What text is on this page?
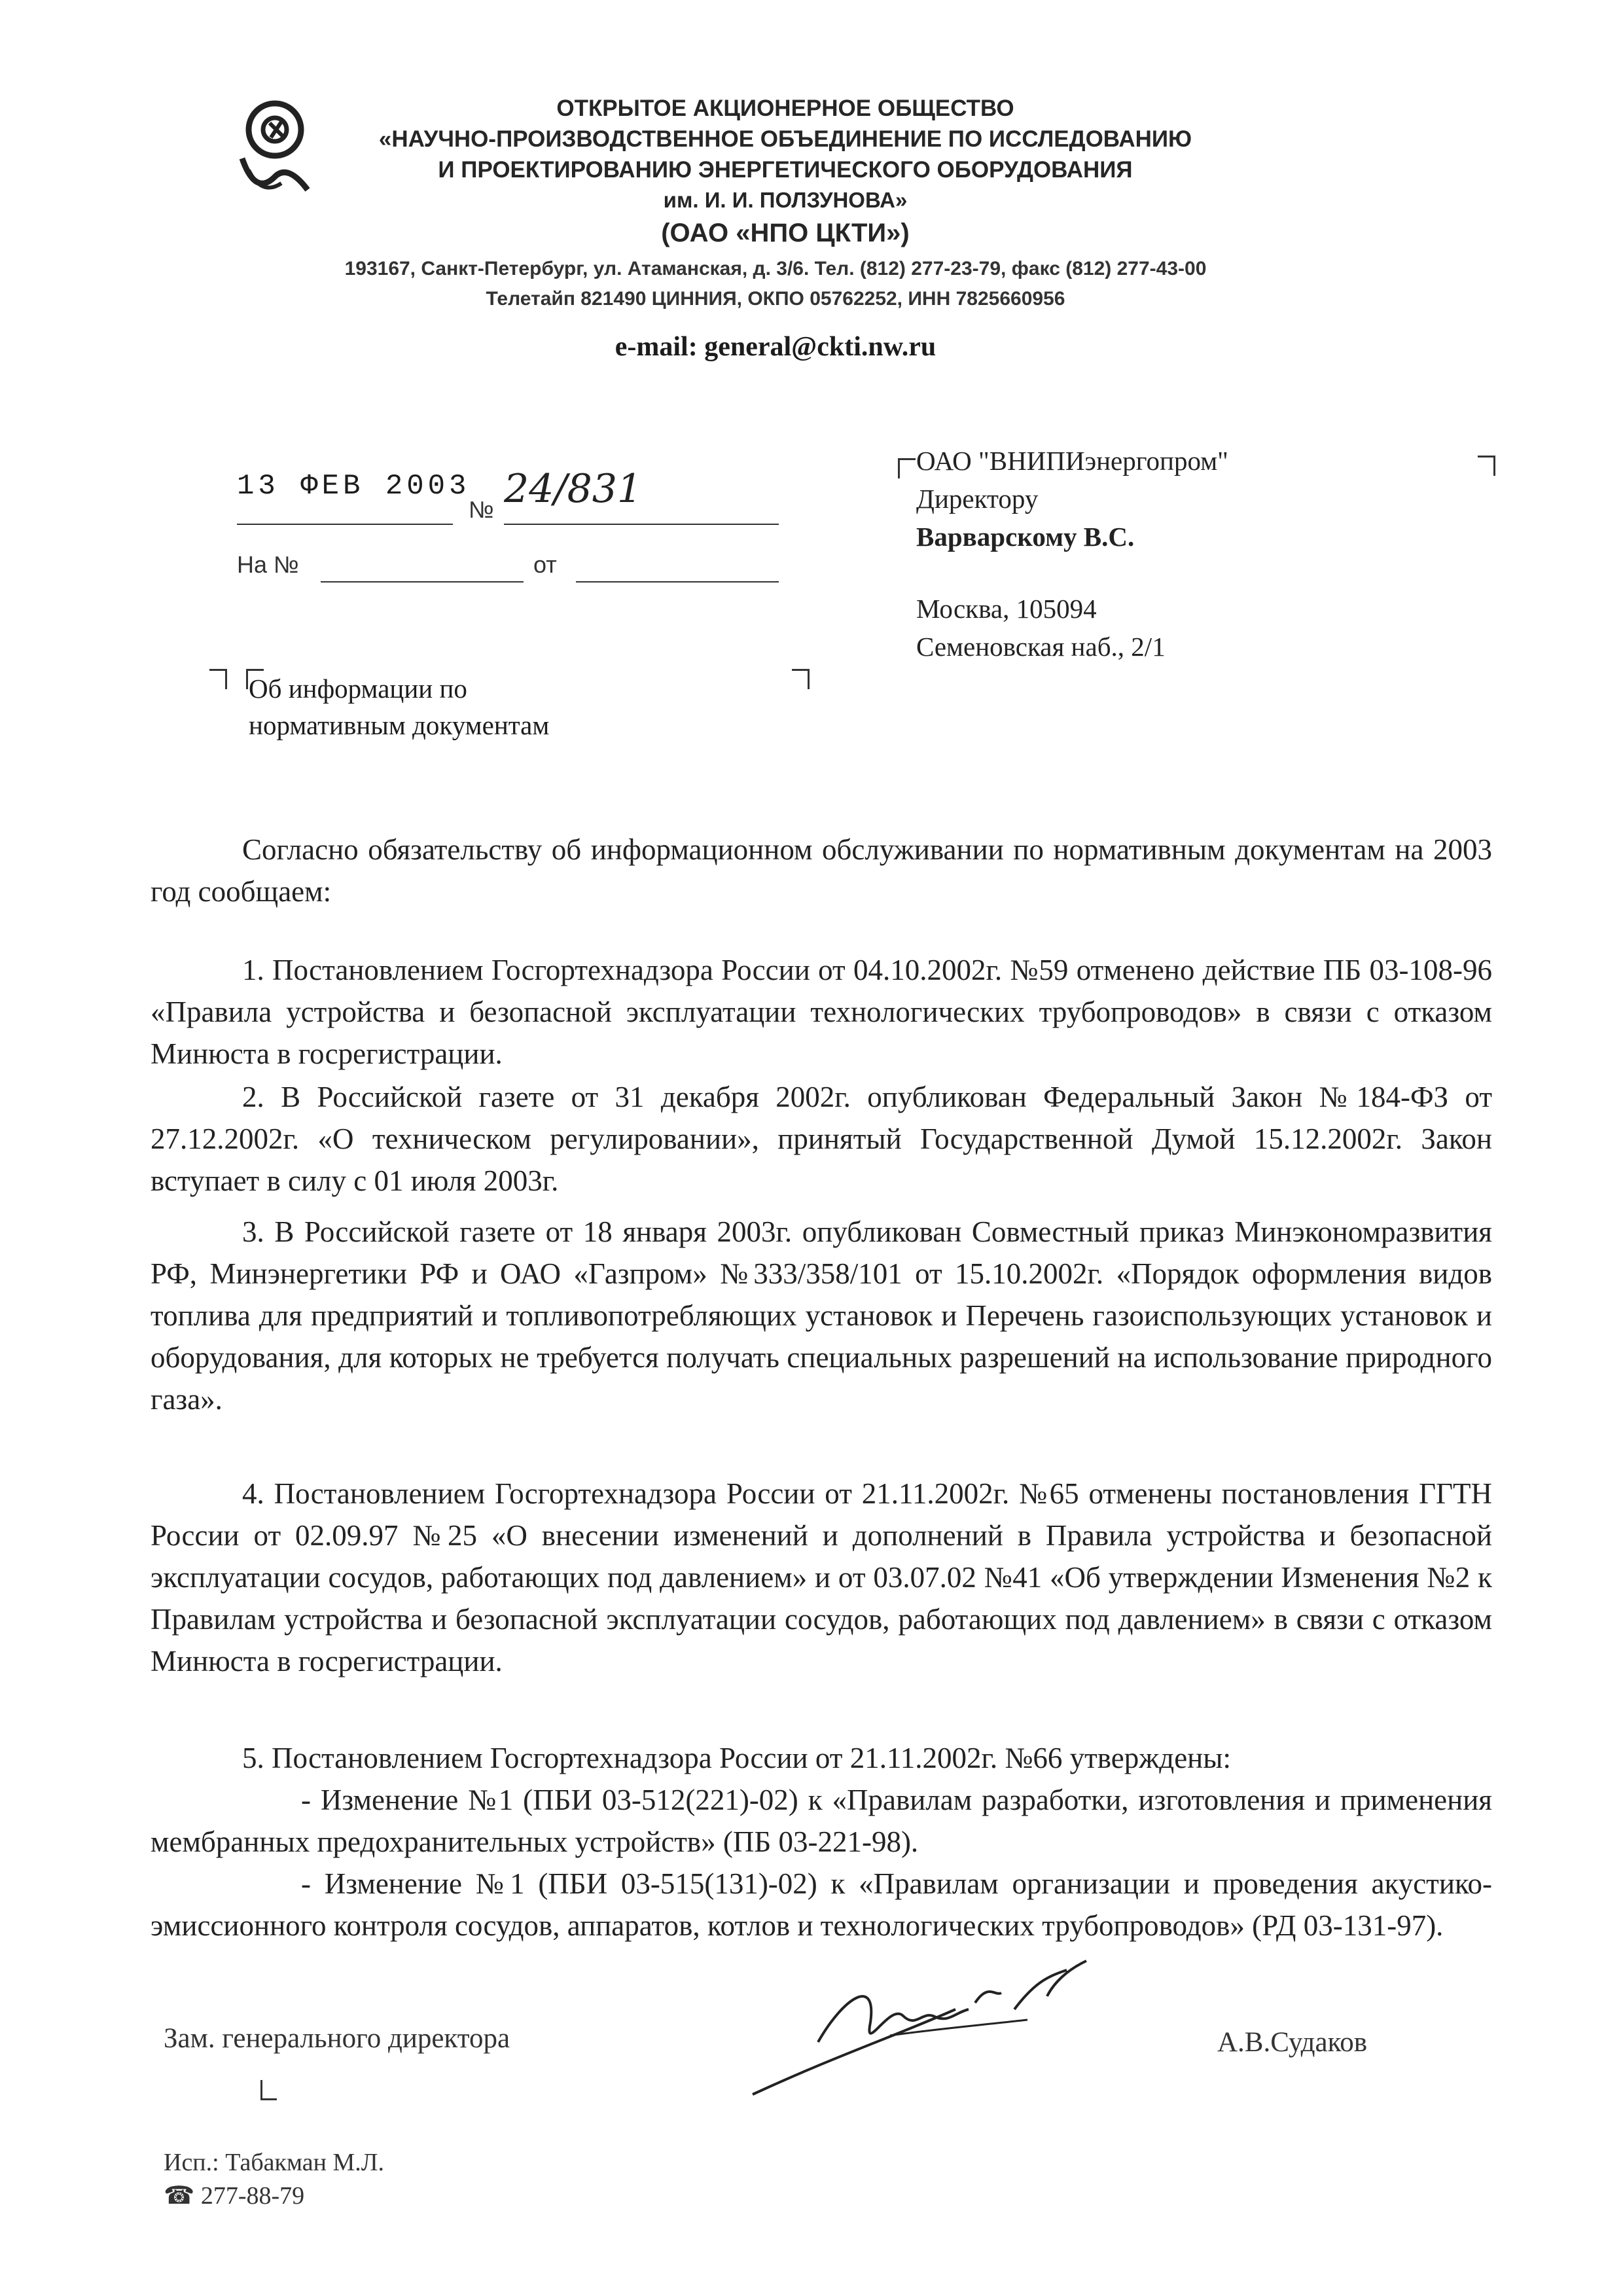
ОТКРЫТОЕ АКЦИОНЕРНОЕ ОБЩЕСТВО
«НАУЧНО-ПРОИЗВОДСТВЕННОЕ ОБЪЕДИНЕНИЕ ПО ИССЛЕДОВАНИЮ
И ПРОЕКТИРОВАНИЮ ЭНЕРГЕТИЧЕСКОГО ОБОРУДОВАНИЯ
им. И. И. ПОЛЗУНОВА»
(ОАО «НПО ЦКТИ»)
193167, Санкт-Петербург, ул. Атаманская, д. 3/6. Тел. (812) 277-23-79, факс (812) 277-43-00
Телетайп 821490 ЦИННИЯ, ОКПО 05762252, ИНН 7825660956
e-mail: general@ckti.nw.ru
13 ФЕВ 2003
№ 24/831
На №	от
ОАО "ВНИПИэнергопром"
Директору
Варварскому В.С.
Москва, 105094
Семеновская наб., 2/1
Об информации по
нормативным документам
Согласно обязательству об информационном обслуживании по нормативным документам на 2003 год сообщаем:
1. Постановлением Госгортехнадзора России от 04.10.2002г. №59 отменено действие ПБ 03-108-96 «Правила устройства и безопасной эксплуатации технологических трубопроводов» в связи с отказом Минюста в госрегистрации.
2. В Российской газете от 31 декабря 2002г. опубликован Федеральный Закон №184-ФЗ от 27.12.2002г. «О техническом регулировании», принятый Государственной Думой 15.12.2002г. Закон вступает в силу с 01 июля 2003г.
3. В Российской газете от 18 января 2003г. опубликован Совместный приказ Минэкономразвития РФ, Минэнергетики РФ и ОАО «Газпром» №333/358/101 от 15.10.2002г. «Порядок оформления видов топлива для предприятий и топливопотребляющих установок и Перечень газоиспользующих установок и оборудования, для которых не требуется получать специальных разрешений на использование природного газа».
4. Постановлением Госгортехнадзора России от 21.11.2002г. №65 отменены постановления ГГТН России от 02.09.97 №25 «О внесении изменений и дополнений в Правила устройства и безопасной эксплуатации сосудов, работающих под давлением» и от 03.07.02 №41 «Об утверждении Изменения №2 к Правилам устройства и безопасной эксплуатации сосудов, работающих под давлением» в связи с отказом Минюста в госрегистрации.
5. Постановлением Госгортехнадзора России от 21.11.2002г. №66 утверждены:
- Изменение №1 (ПБИ 03-512(221)-02) к «Правилам разработки, изготовления и применения мембранных предохранительных устройств» (ПБ 03-221-98).
- Изменение №1 (ПБИ 03-515(131)-02) к «Правилам организации и проведения акустико-эмиссионного контроля сосудов, аппаратов, котлов и технологических трубопроводов» (РД 03-131-97).
Зам. генерального директора	А.В.Судаков
Исп.: Табакман М.Л.
☎ 277-88-79
